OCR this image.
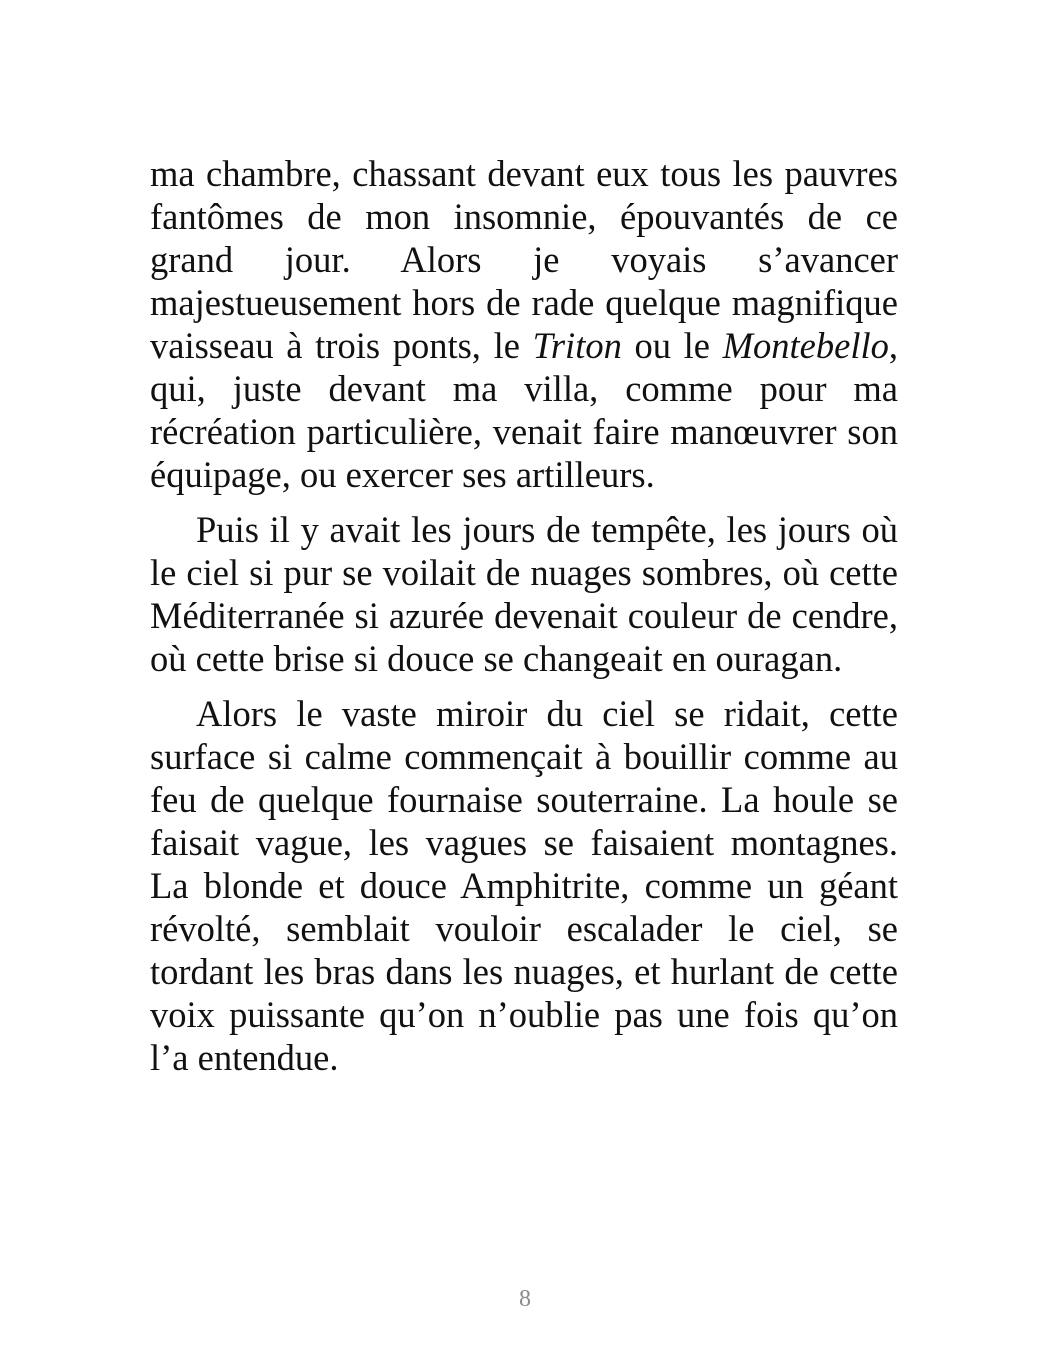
ma chambre, chassant devant eux tous les pauvres fantômes de mon insomnie, épouvantés de ce grand jour. Alors je voyais s’avancer majestueusement hors de rade quelque magnifique vaisseau à trois ponts, le Triton ou le Montebello, qui, juste devant ma villa, comme pour ma récréation particulière, venait faire manœuvrer son équipage, ou exercer ses artilleurs.

Puis il y avait les jours de tempête, les jours où le ciel si pur se voilait de nuages sombres, où cette Méditerranée si azurée devenait couleur de cendre, où cette brise si douce se changeait en ouragan.

Alors le vaste miroir du ciel se ridait, cette surface si calme commençait à bouillir comme au feu de quelque fournaise souterraine. La houle se faisait vague, les vagues se faisaient montagnes. La blonde et douce Amphitrite, comme un géant révolté, semblait vouloir escalader le ciel, se tordant les bras dans les nuages, et hurlant de cette voix puissante qu’on n’oublie pas une fois qu’on l’a entendue.

8
